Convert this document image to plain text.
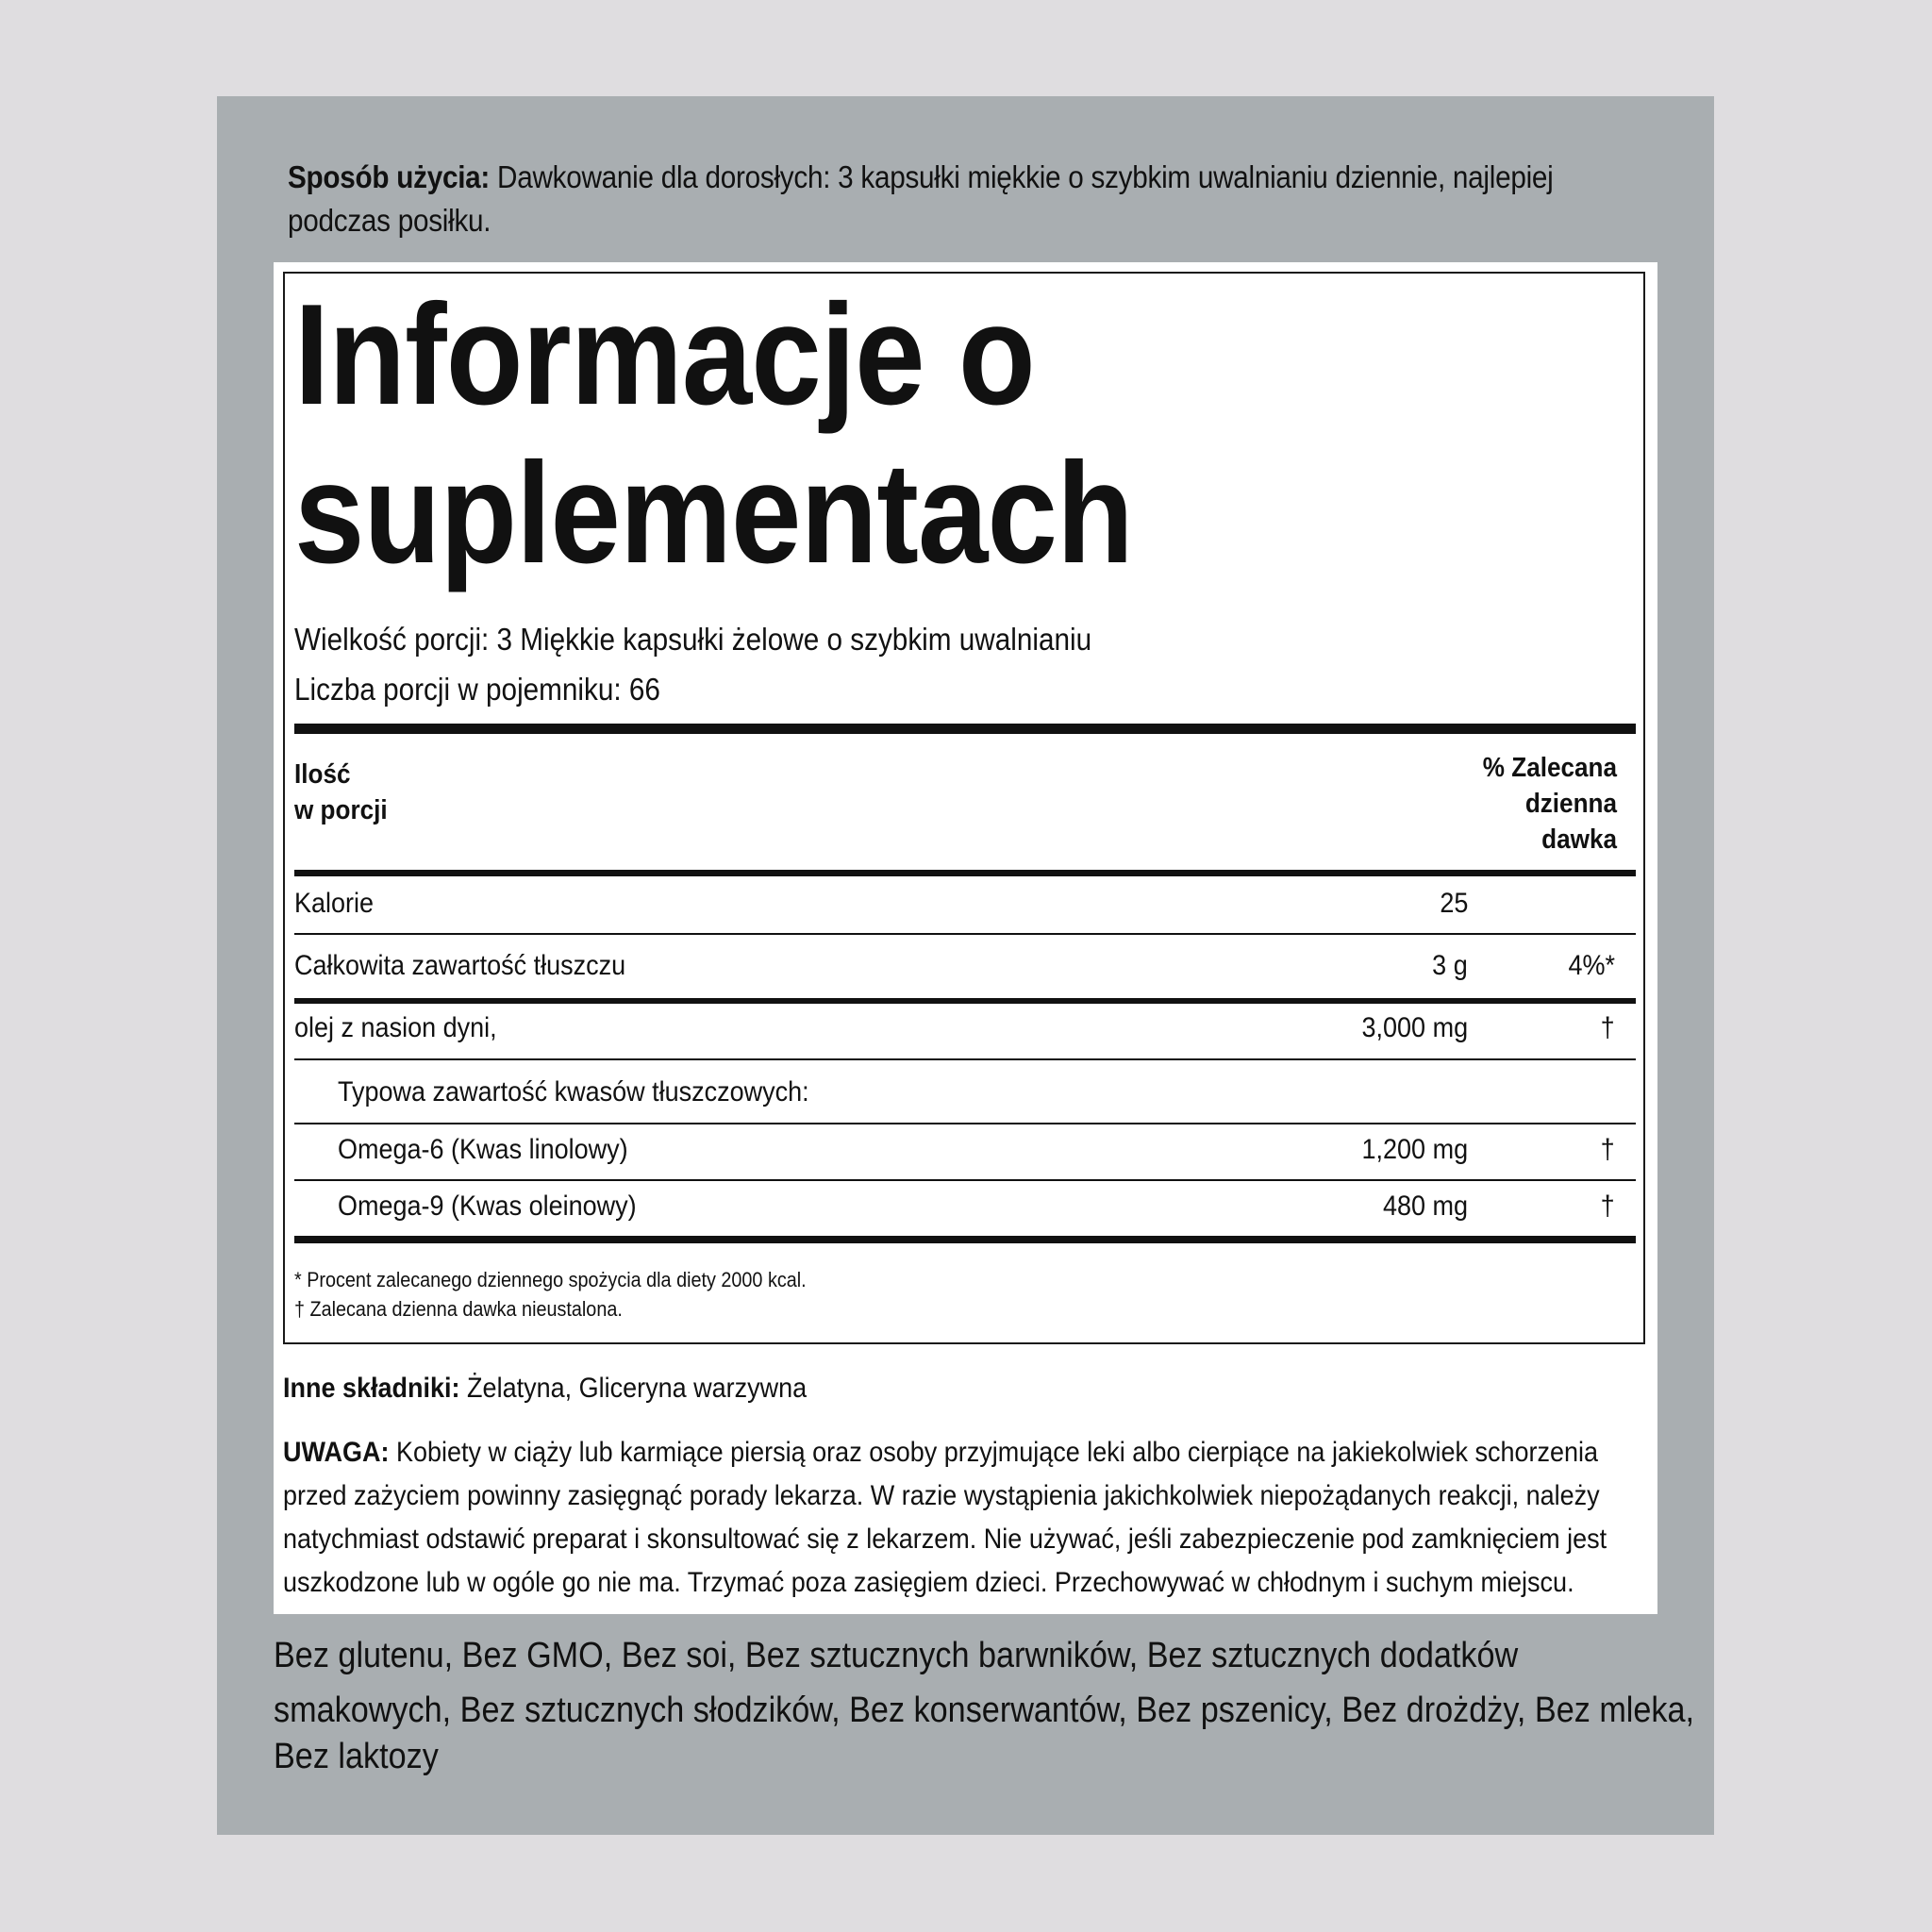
Sposób użycia: Dawkowanie dla dorosłych: 3 kapsułki miękkie o szybkim uwalnianiu dziennie, najlepiej podczas posiłku.
Informacje o
suplementach
Wielkość porcji: 3 Miękkie kapsułki żelowe o szybkim uwalnianiu
Liczba porcji w pojemniku: 66
Ilość
w porcji
% Zalecana
dzienna
dawka
Kalorie	25
Całkowita zawartość tłuszczu	3 g	4%*
olej z nasion dyni,	3,000 mg	†
Typowa zawartość kwasów tłuszczowych:
Omega-6 (Kwas linolowy)	1,200 mg	†
Omega-9 (Kwas oleinowy)	480 mg	†
* Procent zalecanego dziennego spożycia dla diety 2000 kcal.
† Zalecana dzienna dawka nieustalona.
Inne składniki: Żelatyna, Gliceryna warzywna
UWAGA: Kobiety w ciąży lub karmiące piersią oraz osoby przyjmujące leki albo cierpiące na jakiekolwiek schorzenia
przed zażyciem powinny zasięgnąć porady lekarza. W razie wystąpienia jakichkolwiek niepożądanych reakcji, należy
natychmiast odstawić preparat i skonsultować się z lekarzem. Nie używać, jeśli zabezpieczenie pod zamknięciem jest
uszkodzone lub w ogóle go nie ma. Trzymać poza zasięgiem dzieci. Przechowywać w chłodnym i suchym miejscu.
Bez glutenu, Bez GMO, Bez soi, Bez sztucznych barwników, Bez sztucznych dodatków
smakowych, Bez sztucznych słodzików, Bez konserwantów, Bez pszenicy, Bez drożdży, Bez mleka,
Bez laktozy
